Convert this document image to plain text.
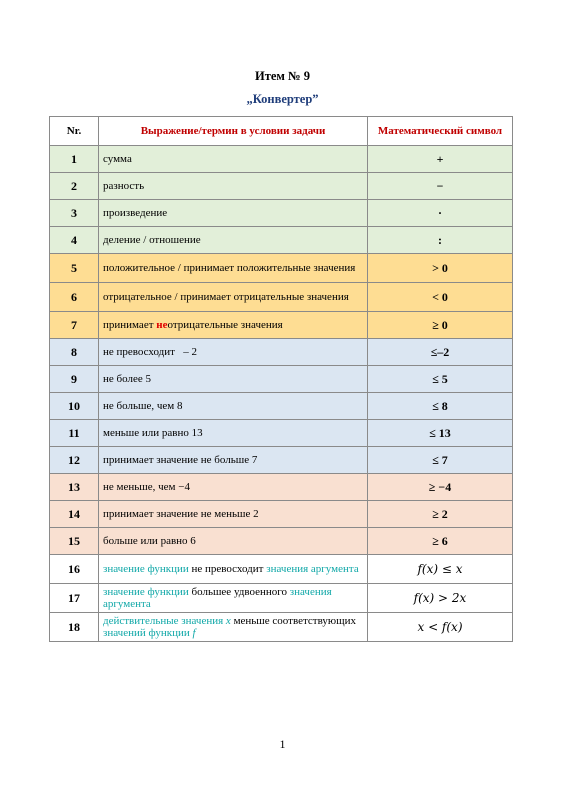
Итем № 9
„Конвертер”
Nr.	Выражение/термин в условии задачи	Математический символ
1	сумма	+
2	разность	−
3	произведение	·
4	деление / отношение	:
5	положительное / принимает положительные значения	> 0
6	отрицательное / принимает отрицательные значения	< 0
7	принимает неотрицательные значения	≥ 0
8	не превосходит   – 2	≤–2
9	не более 5	≤ 5
10	не больше, чем 8	≤ 8
11	меньше или равно 13	≤ 13
12	принимает значение не больше 7	≤ 7
13	не меньше, чем −4	≥ −4
14	принимает значение не меньше 2	≥ 2
15	больше или равно 6	≥ 6
16	значение функции не превосходит значения аргумента	f(x) ≤ x
17	значение функции большее удвоенного значения аргумента	f(x) > 2x
18	действительные значения x меньше соответствующих значений функции f	x < f(x)
1
